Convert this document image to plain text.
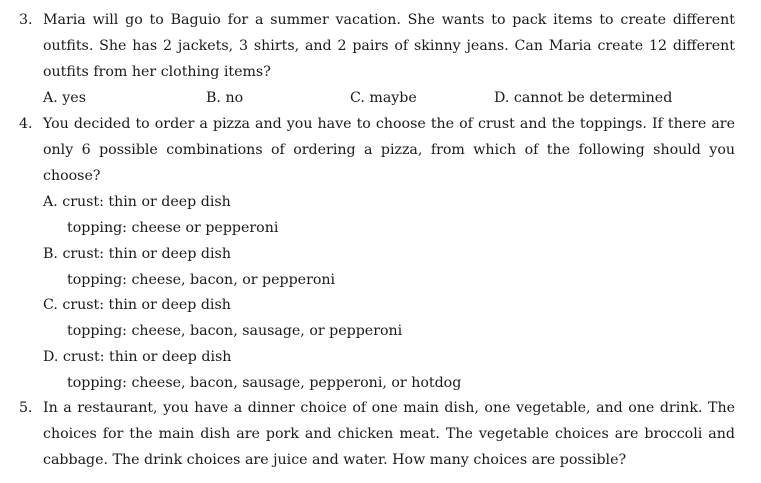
3. Maria will go to Baguio for a summer vacation. She wants to pack items to create different
outfits. She has 2 jackets, 3 shirts, and 2 pairs of skinny jeans. Can Maria create 12 different
outfits from her clothing items?
A. yes	B. no	C. maybe	D. cannot be determined
4. You decided to order a pizza and you have to choose the of crust and the toppings. If there are
only 6 possible combinations of ordering a pizza, from which of the following should you
choose?
A. crust: thin or deep dish
topping: cheese or pepperoni
B. crust: thin or deep dish
topping: cheese, bacon, or pepperoni
C. crust: thin or deep dish
topping: cheese, bacon, sausage, or pepperoni
D. crust: thin or deep dish
topping: cheese, bacon, sausage, pepperoni, or hotdog
5. In a restaurant, you have a dinner choice of one main dish, one vegetable, and one drink. The
choices for the main dish are pork and chicken meat. The vegetable choices are broccoli and
cabbage. The drink choices are juice and water. How many choices are possible?
